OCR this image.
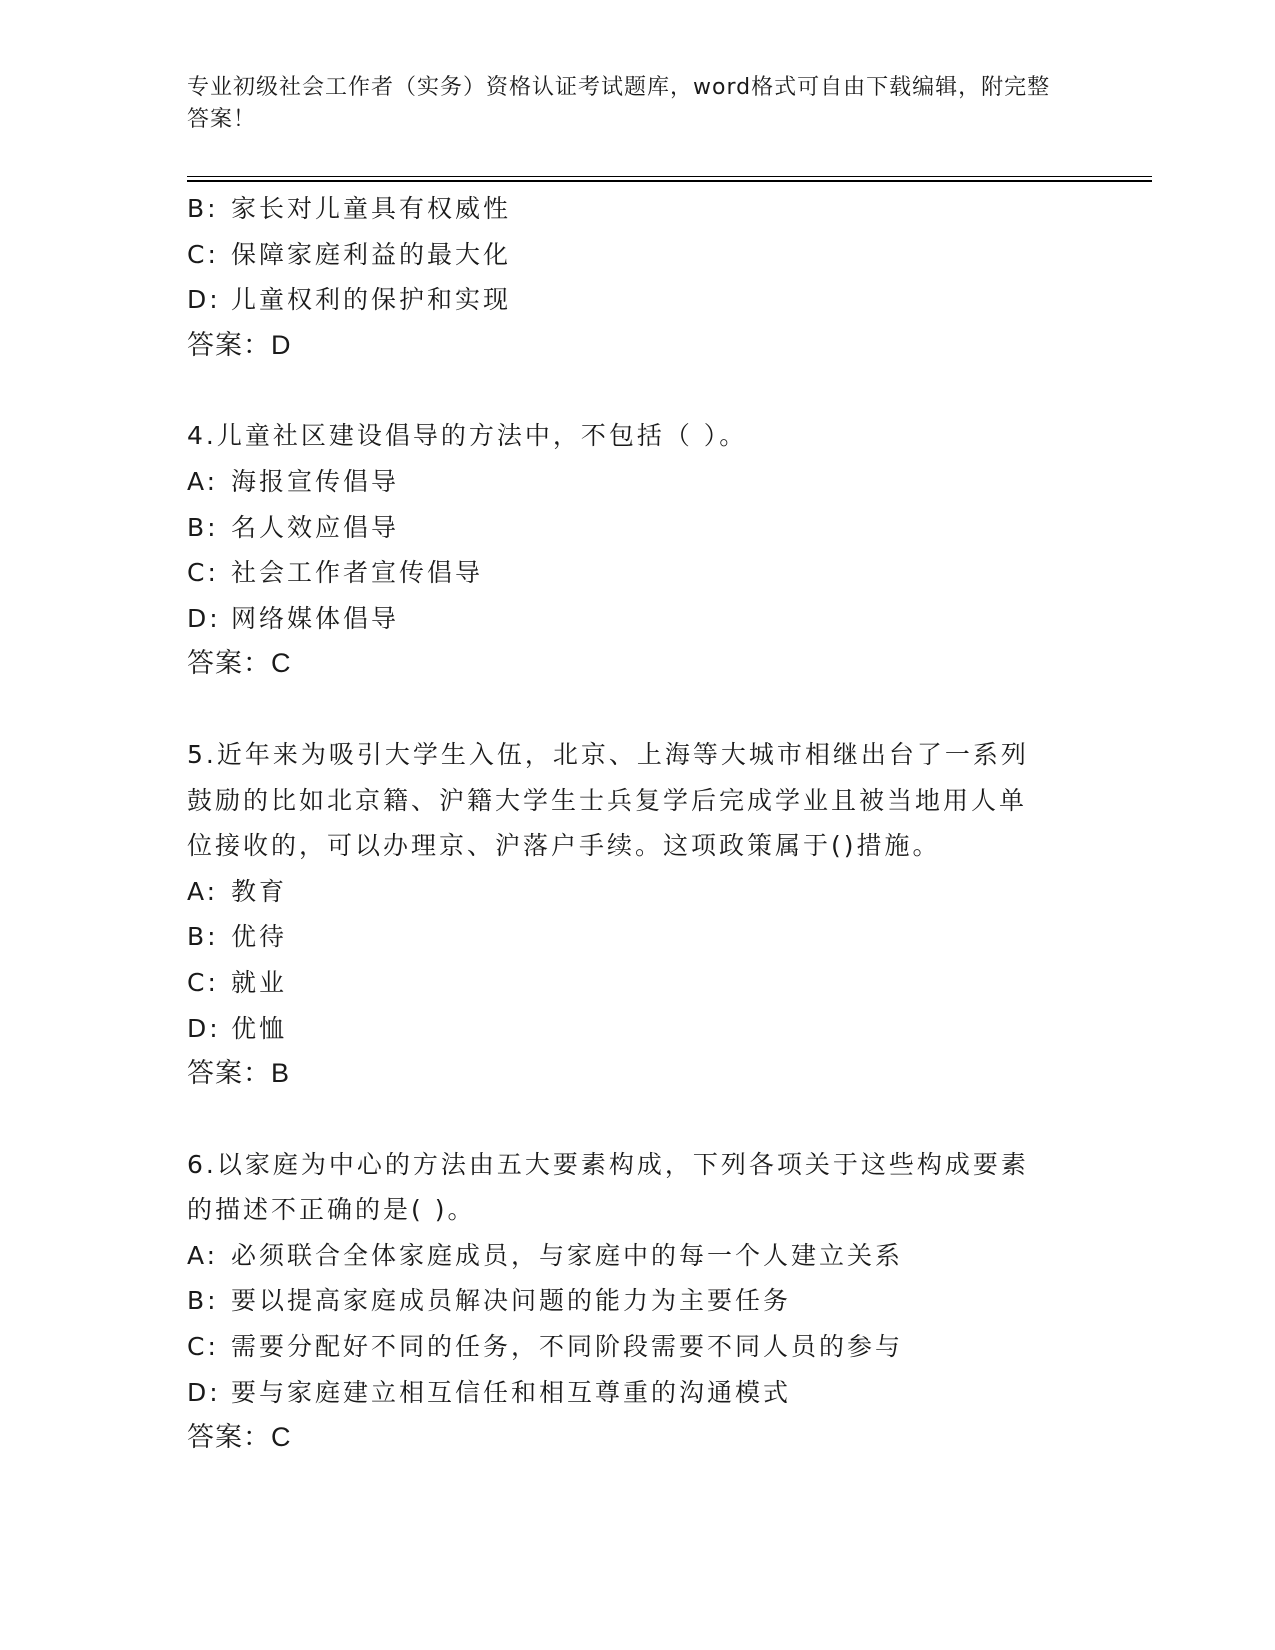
专业初级社会工作者（实务）资格认证考试题库，word格式可自由下载编辑，附完整答案！
B: 家长对儿童具有权威性
C: 保障家庭利益的最大化
D: 儿童权利的保护和实现
答案：D
4.儿童社区建设倡导的方法中，不包括（ ）。
A: 海报宣传倡导
B: 名人效应倡导
C: 社会工作者宣传倡导
D: 网络媒体倡导
答案：C
5.近年来为吸引大学生入伍，北京、上海等大城市相继出台了一系列
鼓励的比如北京籍、沪籍大学生士兵复学后完成学业且被当地用人单
位接收的，可以办理京、沪落户手续。这项政策属于()措施。
A: 教育
B: 优待
C: 就业
D: 优恤
答案：B
6.以家庭为中心的方法由五大要素构成，下列各项关于这些构成要素
的描述不正确的是( )。
A: 必须联合全体家庭成员，与家庭中的每一个人建立关系
B: 要以提高家庭成员解决问题的能力为主要任务
C: 需要分配好不同的任务，不同阶段需要不同人员的参与
D: 要与家庭建立相互信任和相互尊重的沟通模式
答案：C
